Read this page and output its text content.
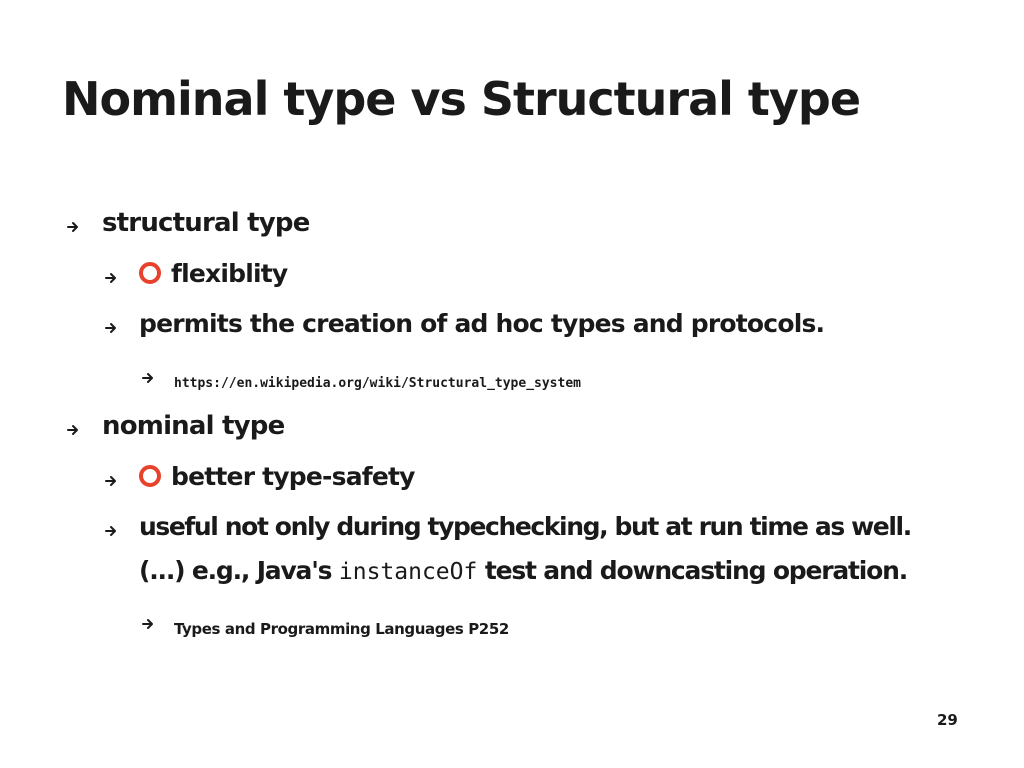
Nominal type vs Structural type
structural type
flexiblity
permits the creation of ad hoc types and protocols.
https://en.wikipedia.org/wiki/Structural_type_system
nominal type
better type-safety
useful not only during typechecking, but at run time as well.
(...) e.g., Java's instanceOf test and downcasting operation.
Types and Programming Languages P252
29
